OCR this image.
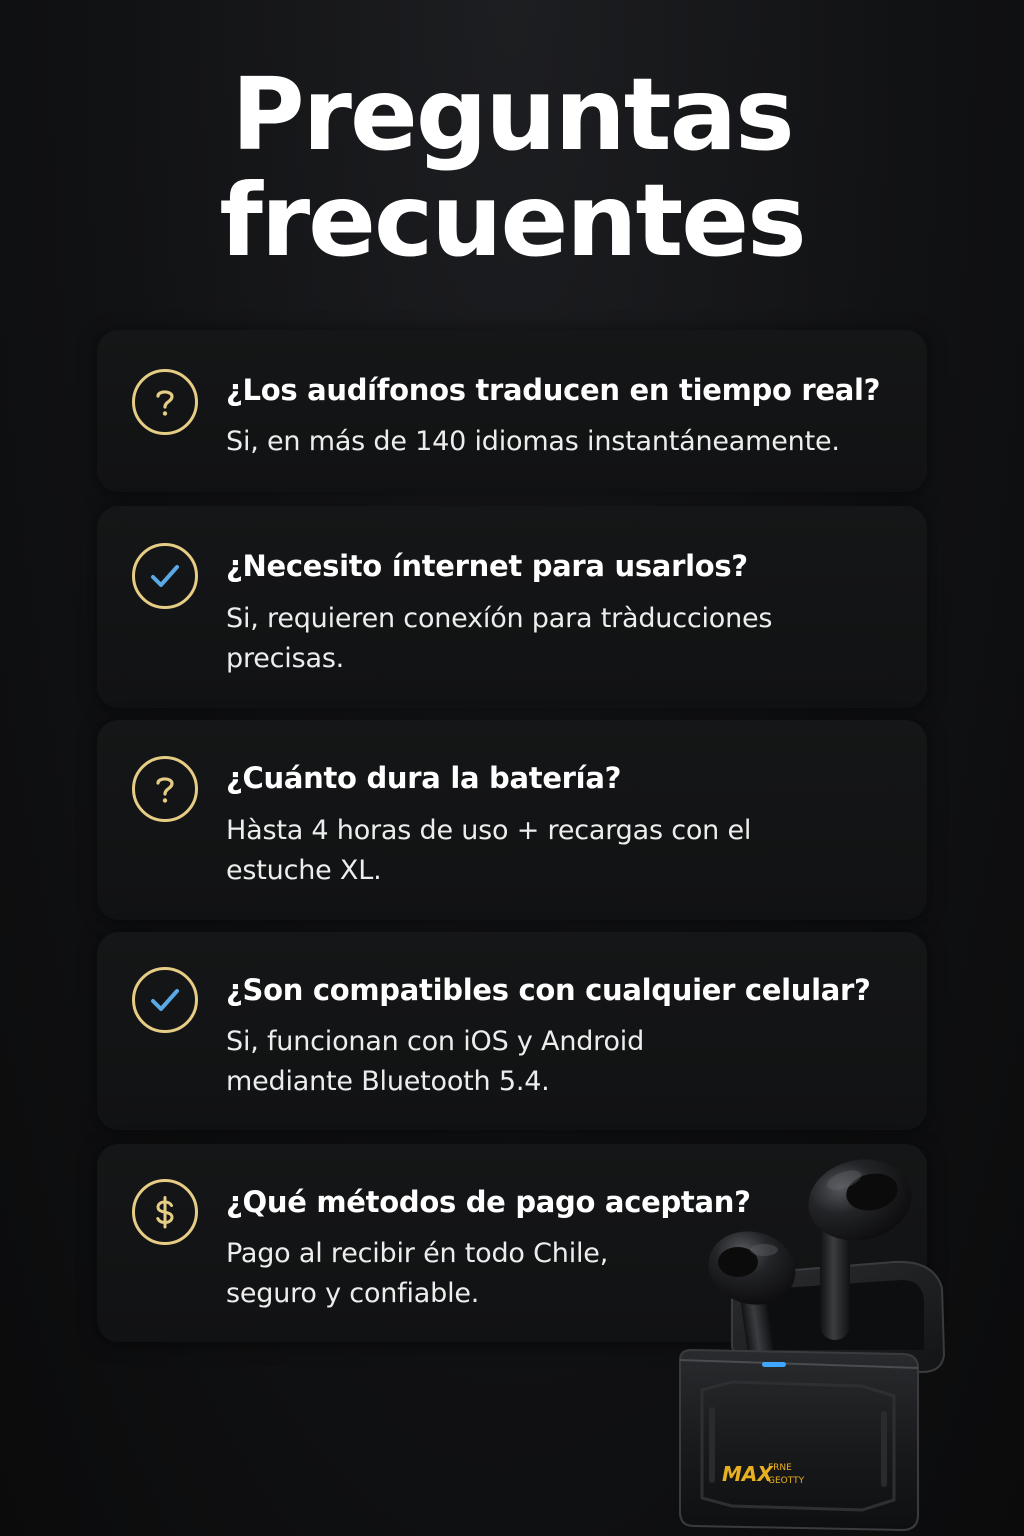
Preguntas
frecuentes
¿Los audífonos traducen en tiempo real?
Si, en más de 140 idiomas instantáneamente.
¿Necesito ínternet para usarlos?
Si, requieren conexíón para tràducciones
precisas.
¿Cuánto dura la batería?
Hàsta 4 horas de uso + recargas con el
estuche XL.
¿Son compatibles con cualquier celular?
Si, funcionan con iOS y Android
mediante Bluetooth 5.4.
¿Qué métodos de pago aceptan?
Pago al recibir én todo Chile,
seguro y confiable.
MAX
FRNE
GEOTTY
